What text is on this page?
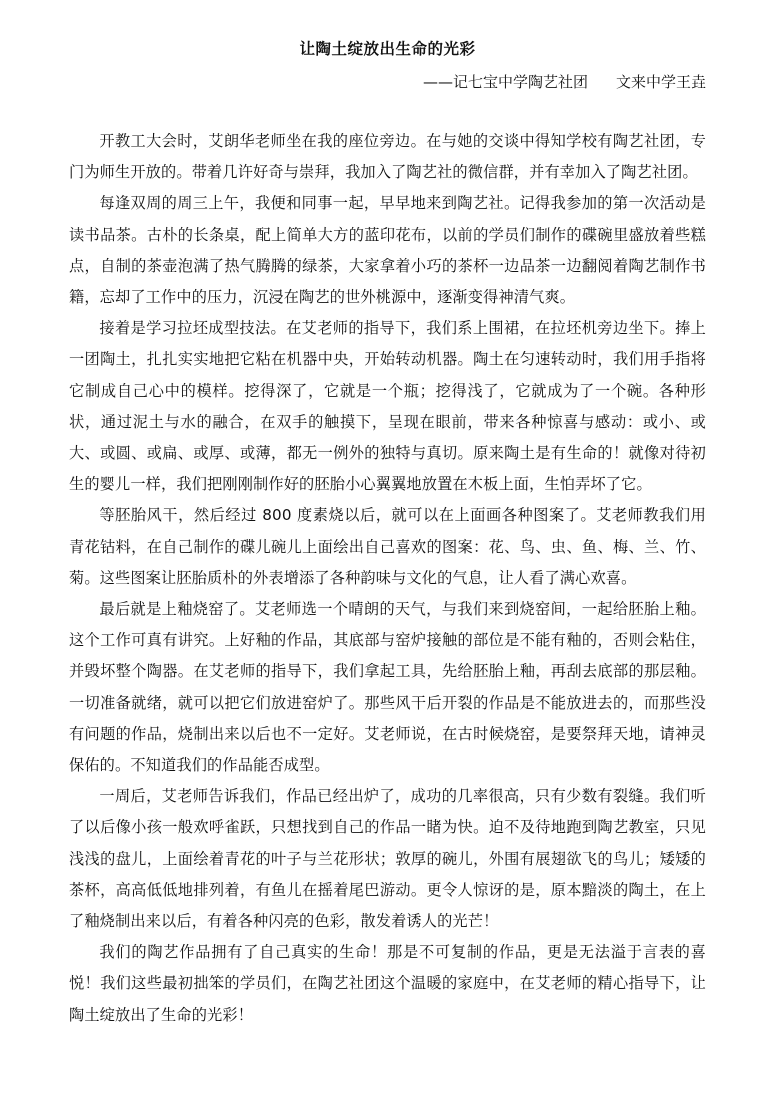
让陶土绽放出生命的光彩

——记七宝中学陶艺社团 文来中学王垚

开教工大会时，艾朗华老师坐在我的座位旁边。在与她的交谈中得知学校有陶艺社团，专门为师生开放的。带着几许好奇与崇拜，我加入了陶艺社的微信群，并有幸加入了陶艺社团。

每逢双周的周三上午，我便和同事一起，早早地来到陶艺社。记得我参加的第一次活动是读书品茶。古朴的长条桌，配上简单大方的蓝印花布，以前的学员们制作的碟碗里盛放着些糕点，自制的茶壶泡满了热气腾腾的绿茶，大家拿着小巧的茶杯一边品茶一边翻阅着陶艺制作书籍，忘却了工作中的压力，沉浸在陶艺的世外桃源中，逐渐变得神清气爽。

接着是学习拉坯成型技法。在艾老师的指导下，我们系上围裙，在拉坯机旁边坐下。捧上一团陶土，扎扎实实地把它粘在机器中央，开始转动机器。陶土在匀速转动时，我们用手指将它制成自己心中的模样。挖得深了，它就是一个瓶；挖得浅了，它就成为了一个碗。各种形状，通过泥土与水的融合，在双手的触摸下，呈现在眼前，带来各种惊喜与感动：或小、或大、或圆、或扁、或厚、或薄，都无一例外的独特与真切。原来陶土是有生命的！就像对待初生的婴儿一样，我们把刚刚制作好的胚胎小心翼翼地放置在木板上面，生怕弄坏了它。

等胚胎风干，然后经过 800 度素烧以后，就可以在上面画各种图案了。艾老师教我们用青花钴料，在自己制作的碟儿碗儿上面绘出自己喜欢的图案：花、鸟、虫、鱼、梅、兰、竹、菊。这些图案让胚胎质朴的外表增添了各种韵味与文化的气息，让人看了满心欢喜。

最后就是上釉烧窑了。艾老师选一个晴朗的天气，与我们来到烧窑间，一起给胚胎上釉。这个工作可真有讲究。上好釉的作品，其底部与窑炉接触的部位是不能有釉的，否则会粘住，并毁坏整个陶器。在艾老师的指导下，我们拿起工具，先给胚胎上釉，再刮去底部的那层釉。一切准备就绪，就可以把它们放进窑炉了。那些风干后开裂的作品是不能放进去的，而那些没有问题的作品，烧制出来以后也不一定好。艾老师说，在古时候烧窑，是要祭拜天地，请神灵保佑的。不知道我们的作品能否成型。

一周后，艾老师告诉我们，作品已经出炉了，成功的几率很高，只有少数有裂缝。我们听了以后像小孩一般欢呼雀跃，只想找到自己的作品一睹为快。迫不及待地跑到陶艺教室，只见浅浅的盘儿，上面绘着青花的叶子与兰花形状；敦厚的碗儿，外围有展翅欲飞的鸟儿；矮矮的茶杯，高高低低地排列着，有鱼儿在摇着尾巴游动。更令人惊讶的是，原本黯淡的陶土，在上了釉烧制出来以后，有着各种闪亮的色彩，散发着诱人的光芒！

我们的陶艺作品拥有了自己真实的生命！那是不可复制的作品，更是无法溢于言表的喜悦！我们这些最初拙笨的学员们，在陶艺社团这个温暖的家庭中，在艾老师的精心指导下，让陶土绽放出了生命的光彩！
